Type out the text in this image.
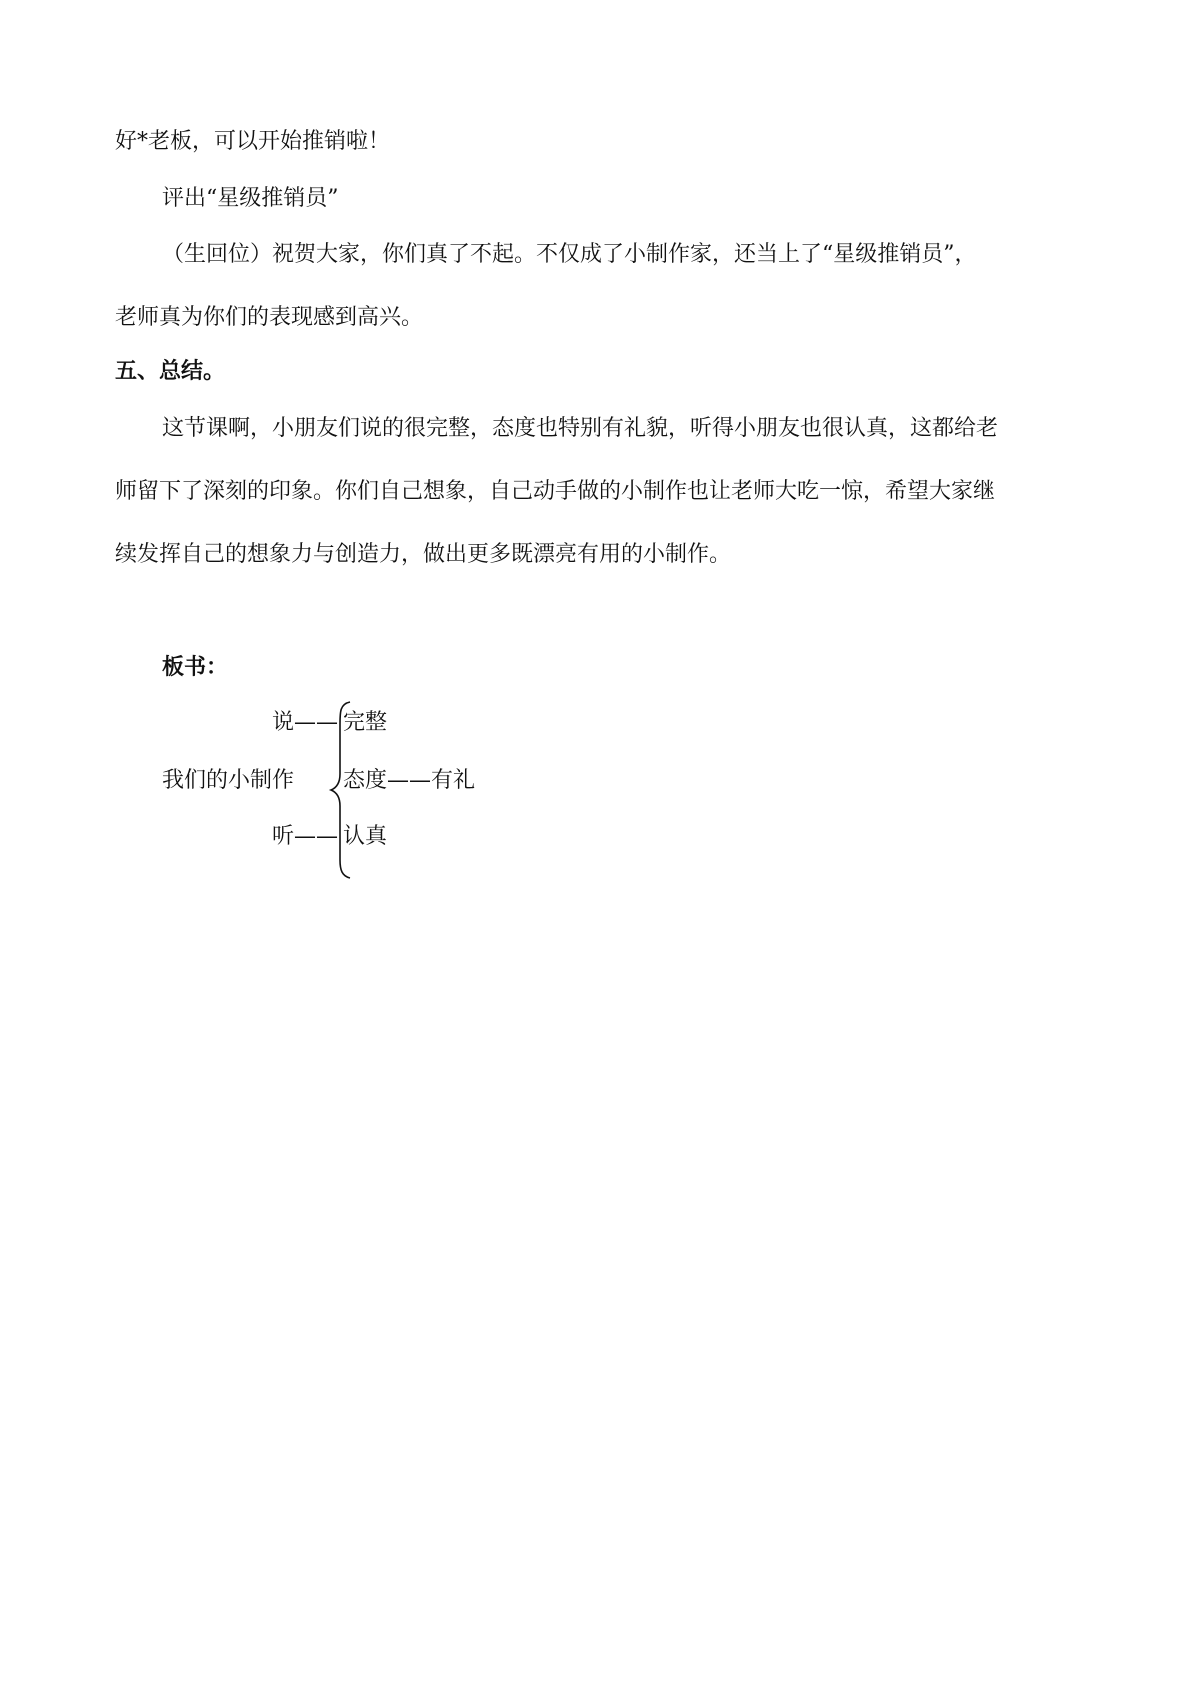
好*老板，可以开始推销啦！

评出“星级推销员”

（生回位）祝贺大家，你们真了不起。不仅成了小制作家，还当上了“星级推销员”，

老师真为你们的表现感到高兴。

五、总结。

这节课啊，小朋友们说的很完整，态度也特别有礼貌，听得小朋友也很认真，这都给老

师留下了深刻的印象。你们自己想象，自己动手做的小制作也让老师大吃一惊，希望大家继

续发挥自己的想象力与创造力，做出更多既漂亮有用的小制作。

板书：

说—— 完整
我们的小制作 态度——有礼
听—— 认真
